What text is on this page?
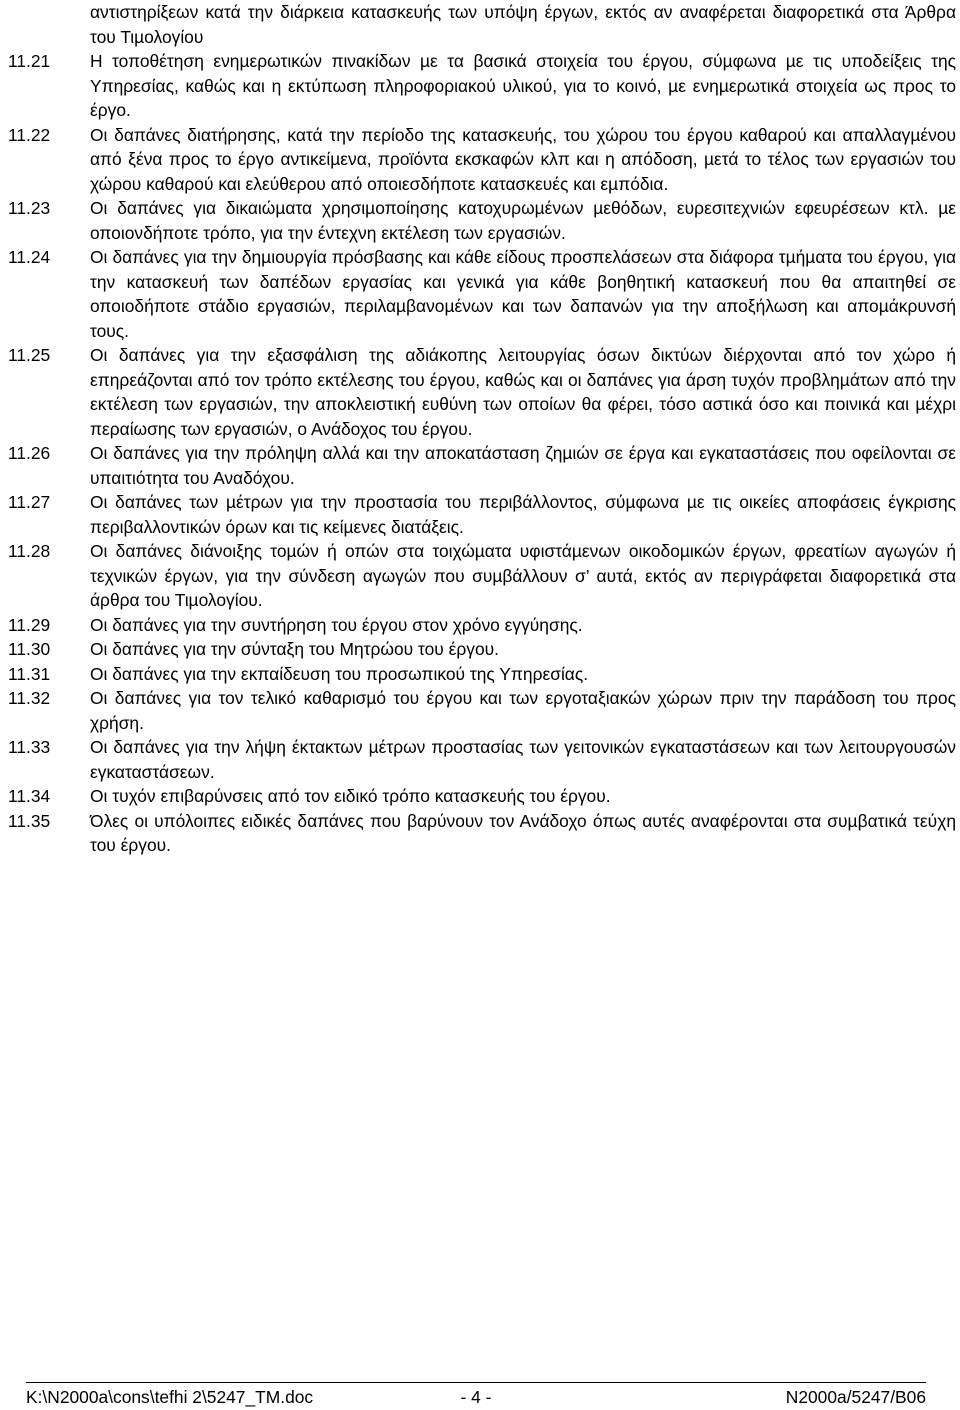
αντιστηρίξεων κατά την διάρκεια κατασκευής των υπόψη έργων, εκτός αν αναφέρεται διαφορετικά στα Άρθρα του Τιµολογίου
11.21	Η τοποθέτηση ενηµερωτικών πινακίδων µε τα βασικά στοιχεία του έργου, σύµφωνα µε τις υποδείξεις της Υπηρεσίας, καθώς και η εκτύπωση πληροφοριακού υλικού, για το κοινό, µε ενηµερωτικά στοιχεία ως προς το έργο.
11.22	Οι δαπάνες διατήρησης, κατά την περίοδο της κατασκευής, του χώρου του έργου καθαρού και απαλλαγµένου από ξένα προς το έργο αντικείµενα, προϊόντα εκσκαφών κλπ και η απόδοση, µετά το τέλος των εργασιών του χώρου καθαρού και ελεύθερου από οποιεσδήποτε κατασκευές και εµπόδια.
11.23	Οι δαπάνες για δικαιώµατα χρησιµοποίησης κατοχυρωµένων µεθόδων, ευρεσιτεχνιών εφευρέσεων κτλ. µε οποιονδήποτε τρόπο, για την έντεχνη εκτέλεση των εργασιών.
11.24	Οι δαπάνες για την δηµιουργία πρόσβασης και κάθε είδους προσπελάσεων στα διάφορα τµήµατα του έργου, για την κατασκευή των δαπέδων εργασίας και γενικά για κάθε βοηθητική κατασκευή που θα απαιτηθεί σε οποιοδήποτε στάδιο εργασιών, περιλαµβανοµένων και των δαπανών για την αποξήλωση και αποµάκρυνσή τους.
11.25	Οι δαπάνες για την εξασφάλιση της αδιάκοπης λειτουργίας όσων δικτύων διέρχονται από τον χώρο ή επηρεάζονται από τον τρόπο εκτέλεσης του έργου, καθώς και οι δαπάνες για άρση τυχόν προβληµάτων από την εκτέλεση των εργασιών, την αποκλειστική ευθύνη των οποίων θα φέρει, τόσο αστικά όσο και ποινικά και µέχρι περαίωσης των εργασιών, ο Ανάδοχος του έργου.
11.26	Οι δαπάνες για την πρόληψη αλλά και την αποκατάσταση ζηµιών σε έργα και εγκαταστάσεις που οφείλονται σε υπαιτιότητα του Αναδόχου.
11.27	Οι δαπάνες των µέτρων για την προστασία του περιβάλλοντος, σύµφωνα µε τις οικείες αποφάσεις έγκρισης περιβαλλοντικών όρων και τις κείµενες διατάξεις.
11.28	Οι δαπάνες διάνοιξης τοµών ή οπών στα τοιχώµατα υφιστάµενων οικοδοµικών έργων, φρεατίων αγωγών ή τεχνικών έργων, για την σύνδεση αγωγών που συµβάλλουν σ’ αυτά, εκτός αν περιγράφεται διαφορετικά στα άρθρα του Τιµολογίου.
11.29	Οι δαπάνες για την συντήρηση του έργου στον χρόνο εγγύησης.
11.30	Οι δαπάνες για την σύνταξη του Μητρώου του έργου.
11.31	Οι δαπάνες για την εκπαίδευση του προσωπικού της Υπηρεσίας.
11.32	Οι δαπάνες για τον τελικό καθαρισµό του έργου και των εργοταξιακών χώρων πριν την παράδοση του προς χρήση.
11.33	Οι δαπάνες για την λήψη έκτακτων µέτρων προστασίας των γειτονικών εγκαταστάσεων και των λειτουργουσών εγκαταστάσεων.
11.34	Οι τυχόν επιβαρύνσεις από τον ειδικό τρόπο κατασκευής του έργου.
11.35	Όλες οι υπόλοιπες ειδικές δαπάνες που βαρύνουν τον Ανάδοχο όπως αυτές αναφέρονται στα συµβατικά τεύχη του έργου.
K:\N2000a\cons\tefhi 2\5247_TM.doc	- 4 -	N2000a/5247/B06
